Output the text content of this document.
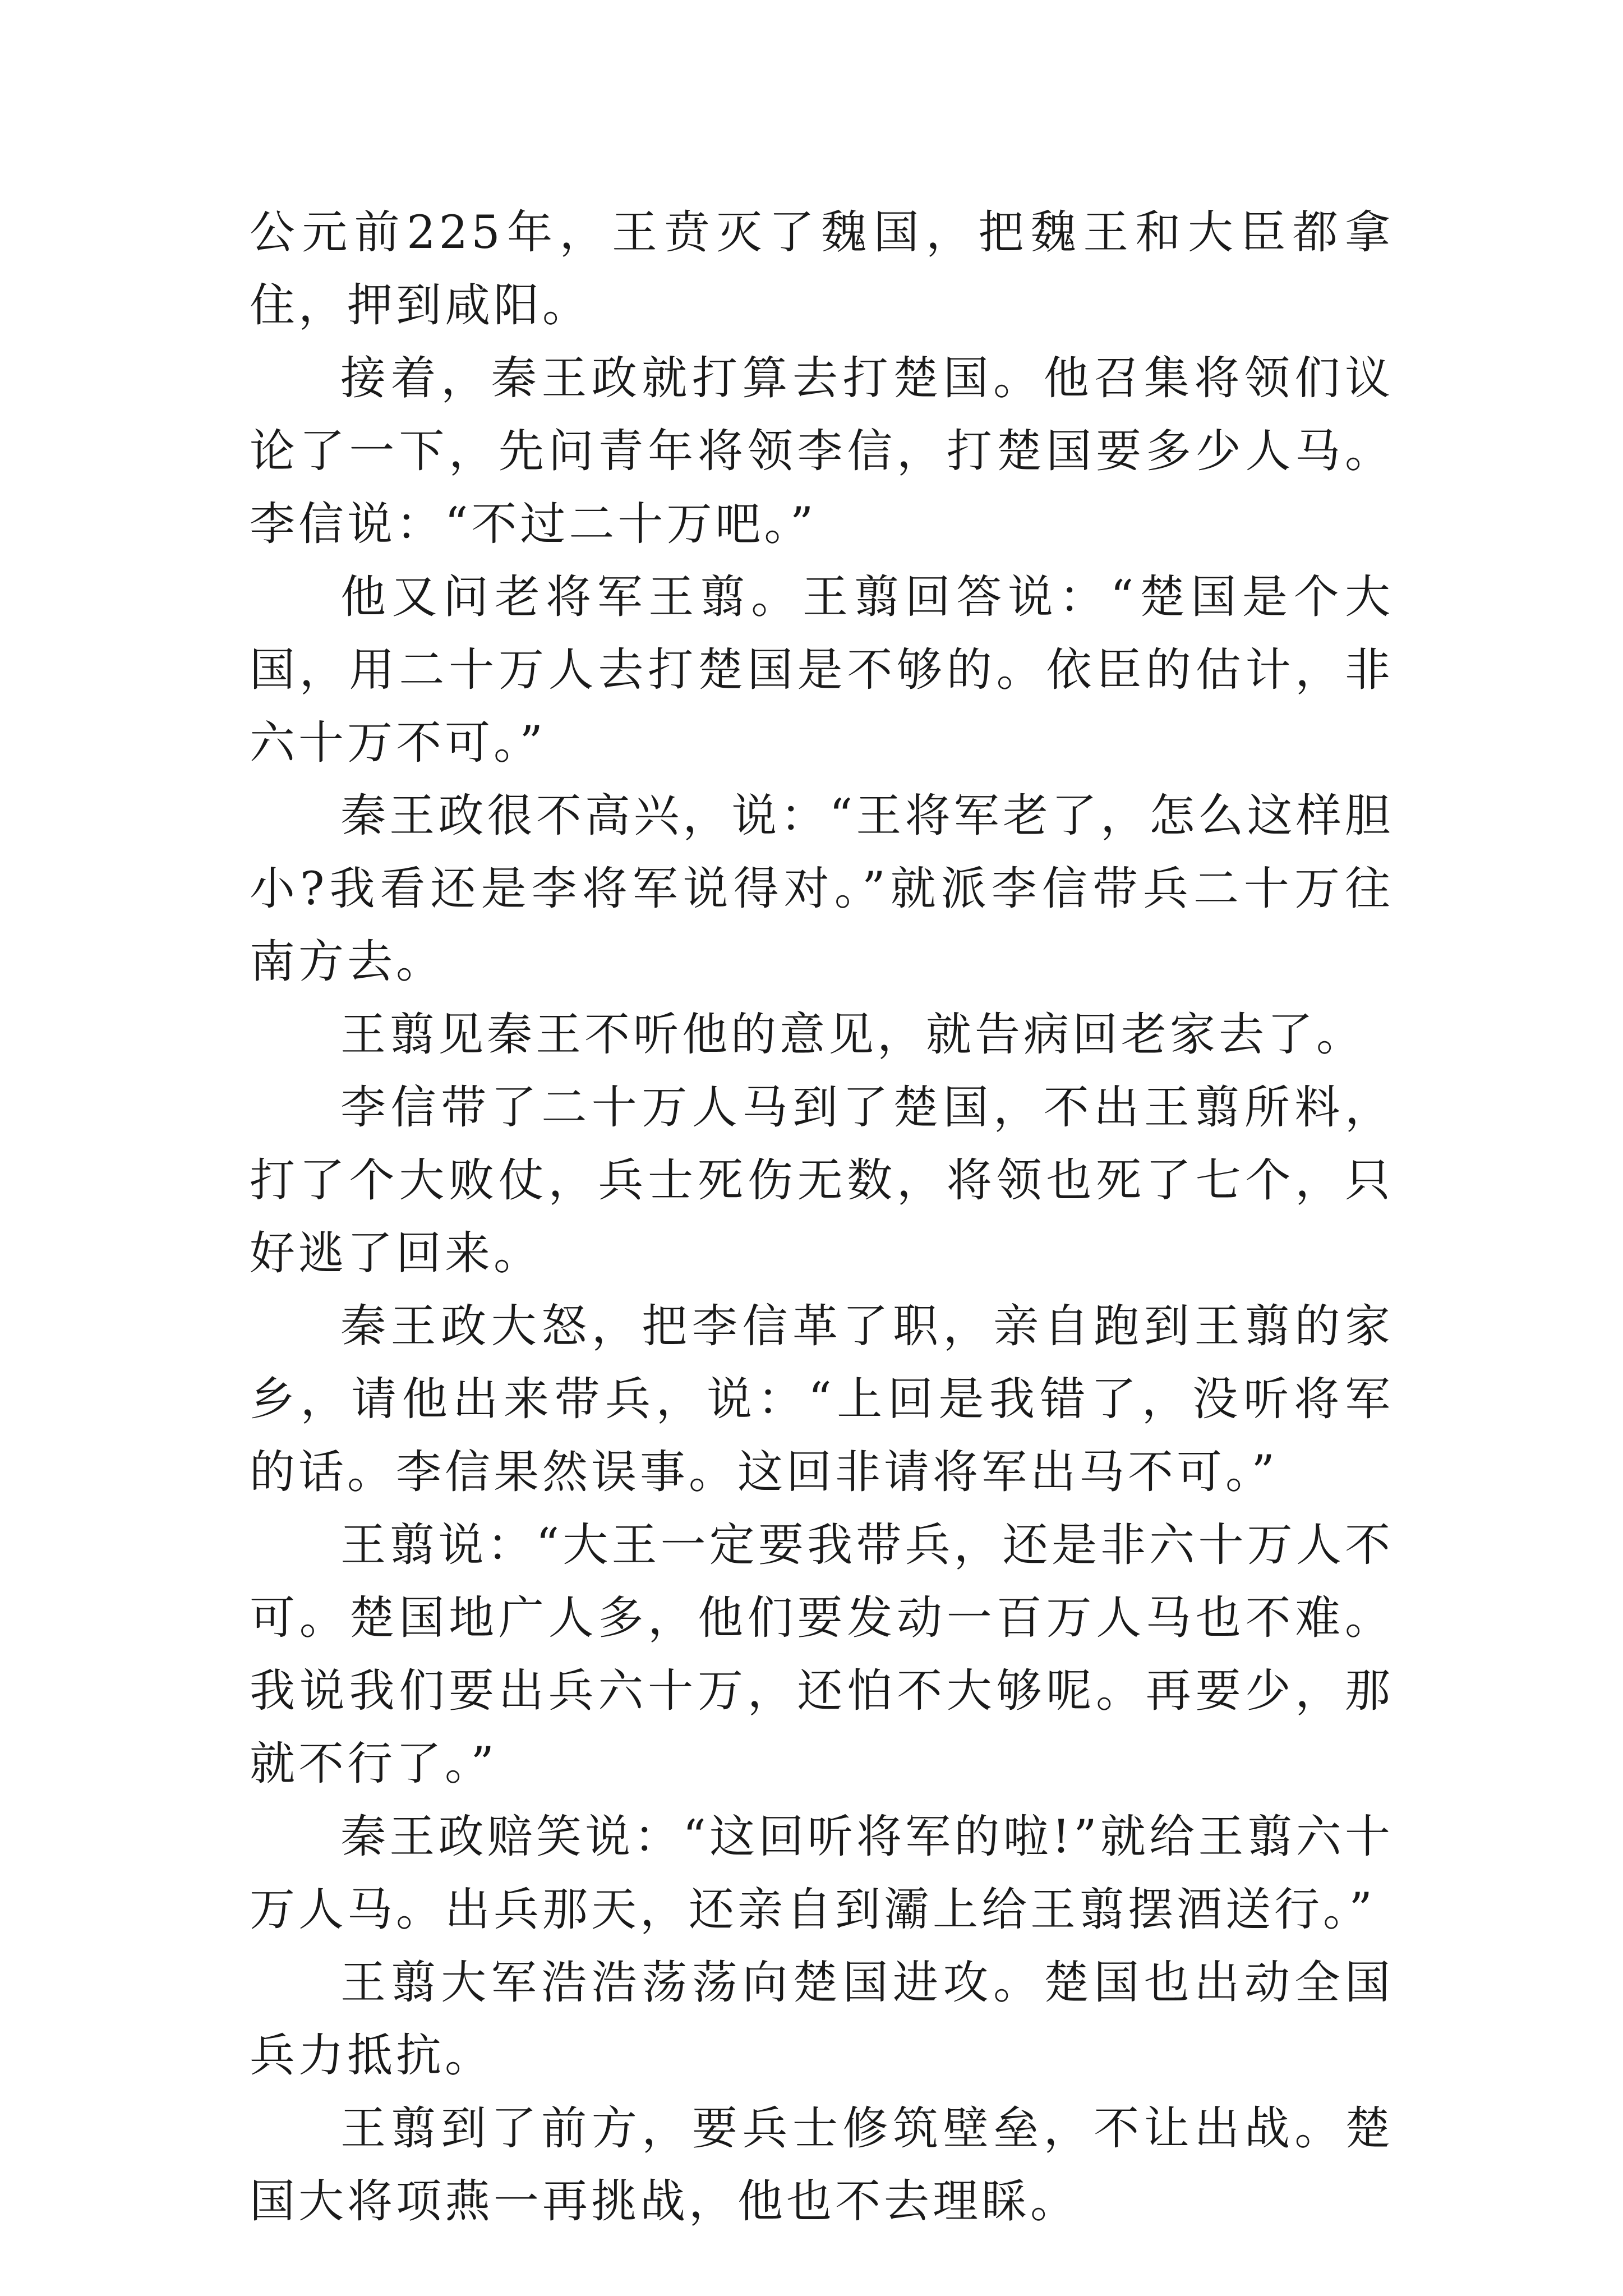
公元前225年，王贲灭了魏国，把魏王和大臣都拿住，押到咸阳。

接着，秦王政就打算去打楚国。他召集将领们议论了一下，先问青年将领李信，打楚国要多少人马。李信说：“不过二十万吧。”

他又问老将军王翦。王翦回答说：“楚国是个大国，用二十万人去打楚国是不够的。依臣的估计，非六十万不可。”

秦王政很不高兴，说：“王将军老了，怎么这样胆小?我看还是李将军说得对。”就派李信带兵二十万往南方去。

王翦见秦王不听他的意见，就告病回老家去了。

李信带了二十万人马到了楚国，不出王翦所料，打了个大败仗，兵士死伤无数，将领也死了七个，只好逃了回来。

秦王政大怒，把李信革了职，亲自跑到王翦的家乡，请他出来带兵，说：“上回是我错了，没听将军的话。李信果然误事。这回非请将军出马不可。”

王翦说：“大王一定要我带兵，还是非六十万人不可。楚国地广人多，他们要发动一百万人马也不难。我说我们要出兵六十万，还怕不大够呢。再要少，那就不行了。”

秦王政赔笑说：“这回听将军的啦!”就给王翦六十万人马。出兵那天，还亲自到灞上给王翦摆酒送行。”

王翦大军浩浩荡荡向楚国进攻。楚国也出动全国兵力抵抗。

王翦到了前方，要兵士修筑壁垒，不让出战。楚国大将项燕一再挑战，他也不去理睬。
